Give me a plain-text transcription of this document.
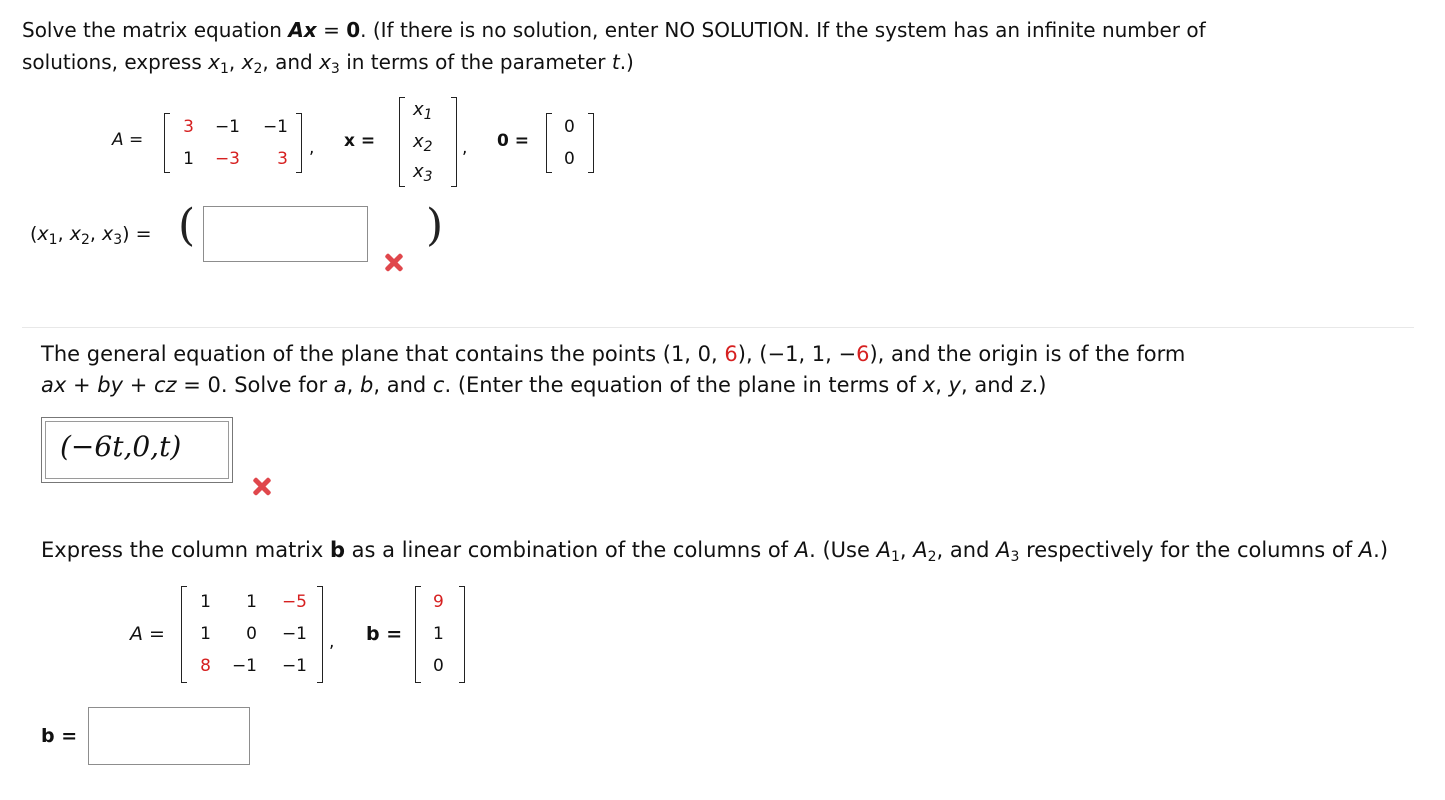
Solve the matrix equation Ax = 0. (If there is no solution, enter NO SOLUTION. If the system has an infinite number of
solutions, express $x_1$, $x_2$, and $x_3$ in terms of the parameter t.)
A =
3	−1	−1
1	−3	3
, x =
$x_1$
$x_2$
$x_3$
, 0 =
0
0
($x_1$, $x_2$, $x_3$) = (	)
The general equation of the plane that contains the points (1, 0, 6), (−1, 1, −6), and the origin is of the form
ax + by + cz = 0. Solve for a, b, and c. (Enter the equation of the plane in terms of x, y, and z.)
(−6t,0,t)
Express the column matrix b as a linear combination of the columns of A. (Use $A_1$, $A_2$, and $A_3$ respectively for the columns of A.)
A =
1	1	−5
1	0	−1
8	−1	−1
, b =
9
1
0
b =
